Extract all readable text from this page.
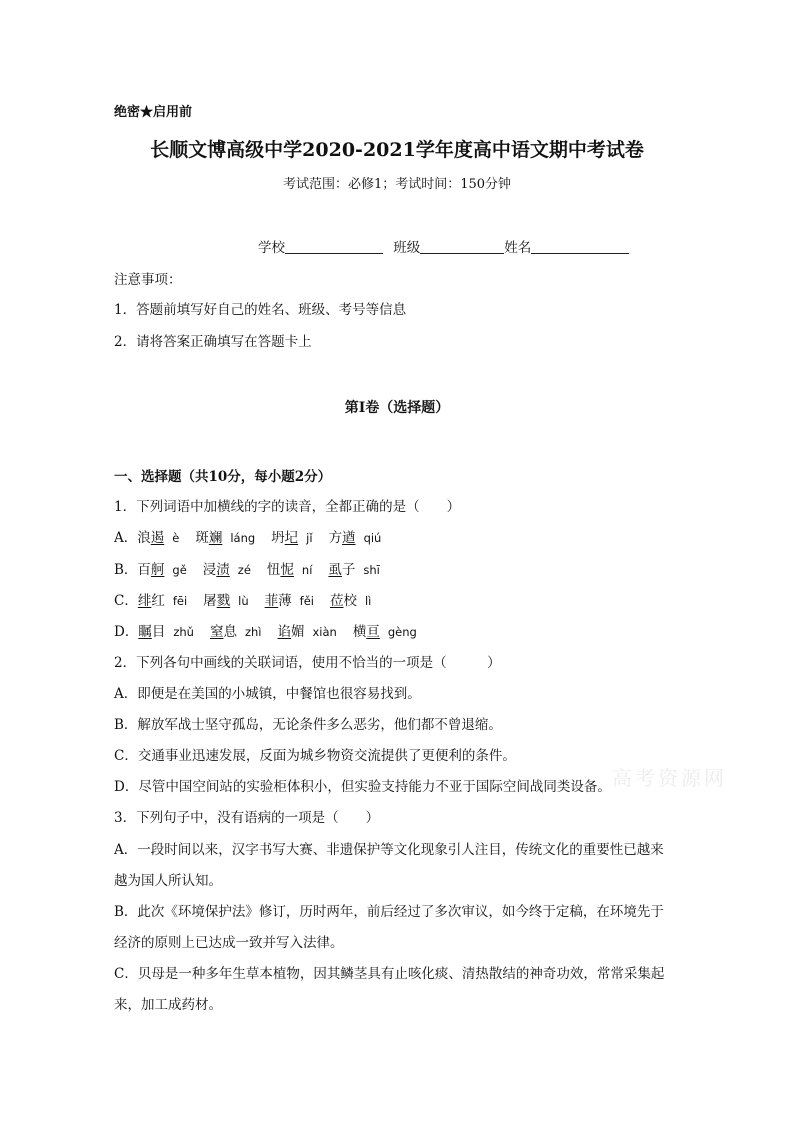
绝密★启用前
长顺文博高级中学2020-2021学年度高中语文期中考试卷
考试范围：必修1；考试时间：150分钟
学校	班级	姓名
注意事项：
1．答题前填写好自己的姓名、班级、考号等信息
2．请将答案正确填写在答题卡上
第I卷（选择题）
一、选择题（共10分，每小题2分）
1．下列词语中加横线的字的读音，全都正确的是（　　）
A．浪遏 è 斑斓 láng 坍圮 jǐ 方遒 qiú
B．百舸 gě 浸渍 zé 忸怩 ní 虱子 shī
C．绯红 fēi 屠戮 lù 菲薄 fěi 莅校 lì
D．瞩目 zhǔ 窒息 zhì 谄媚 xiàn 横亘 gèng
2．下列各句中画线的关联词语，使用不恰当的一项是（　　　）
A．即便是在美国的小城镇，中餐馆也很容易找到。
B．解放军战士坚守孤岛，无论条件多么恶劣，他们都不曾退缩。
C．交通事业迅速发展，反面为城乡物资交流提供了更便利的条件。
D．尽管中国空间站的实验柜体积小，但实验支持能力不亚于国际空间战同类设备。
3．下列句子中，没有语病的一项是（　　）
A．一段时间以来，汉字书写大赛、非遗保护等文化现象引人注目，传统文化的重要性已越来
越为国人所认知。
B．此次《环境保护法》修订，历时两年，前后经过了多次审议，如今终于定稿，在环境先于
经济的原则上已达成一致并写入法律。
C．贝母是一种多年生草本植物，因其鳞茎具有止咳化痰、清热散结的神奇功效，常常采集起
来，加工成药材。
高考资源网
